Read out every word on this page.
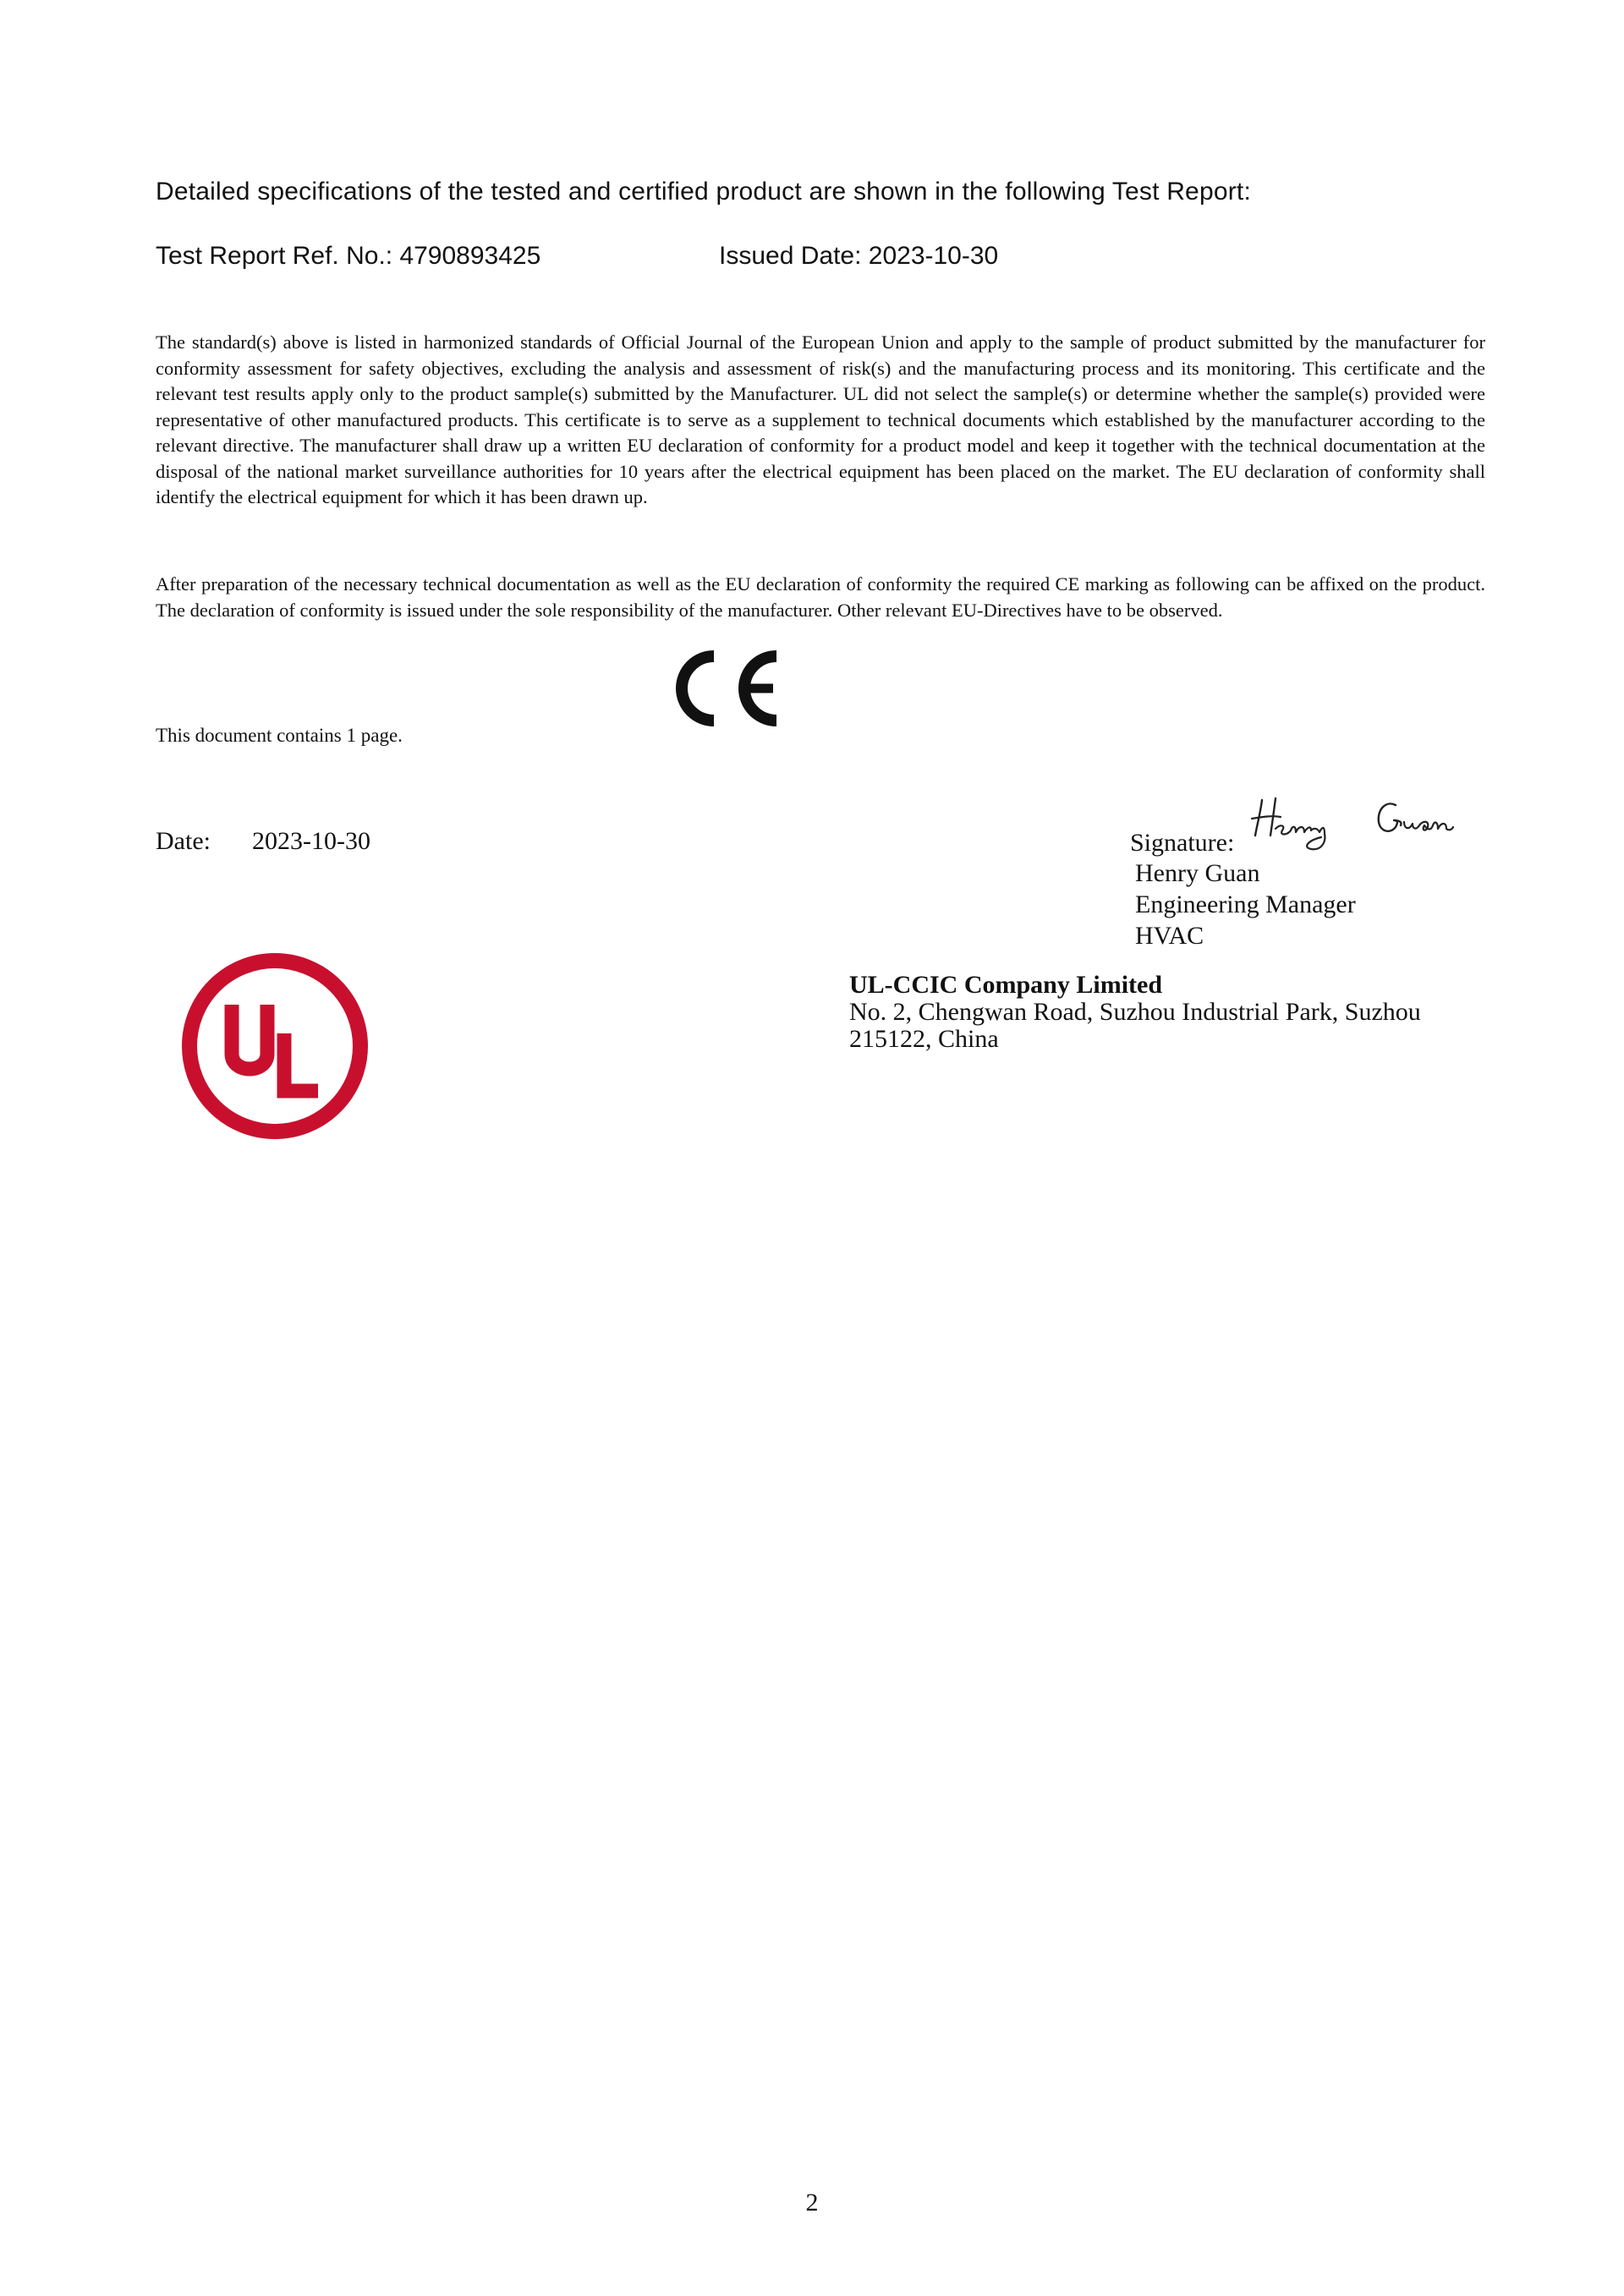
Detailed specifications of the tested and certified product are shown in the following Test Report:
Test Report Ref. No.: 4790893425	Issued Date: 2023-10-30
The standard(s) above is listed in harmonized standards of Official Journal of the European Union and apply to the sample of product submitted by the manufacturer for conformity assessment for safety objectives, excluding the analysis and assessment of risk(s) and the manufacturing process and its monitoring. This certificate and the relevant test results apply only to the product sample(s) submitted by the Manufacturer. UL did not select the sample(s) or determine whether the sample(s) provided were representative of other manufactured products. This certificate is to serve as a supplement to technical documents which established by the manufacturer according to the relevant directive. The manufacturer shall draw up a written EU declaration of conformity for a product model and keep it together with the technical documentation at the disposal of the national market surveillance authorities for 10 years after the electrical equipment has been placed on the market. The EU declaration of conformity shall identify the electrical equipment for which it has been drawn up.
After preparation of the necessary technical documentation as well as the EU declaration of conformity the required CE marking as following can be affixed on the product. The declaration of conformity is issued under the sole responsibility of the manufacturer. Other relevant EU-Directives have to be observed.
This document contains 1 page.
Date: 2023-10-30	Signature:
Henry Guan
Engineering Manager
HVAC
UL-CCIC Company Limited
No. 2, Chengwan Road, Suzhou Industrial Park, Suzhou
215122, China
2
